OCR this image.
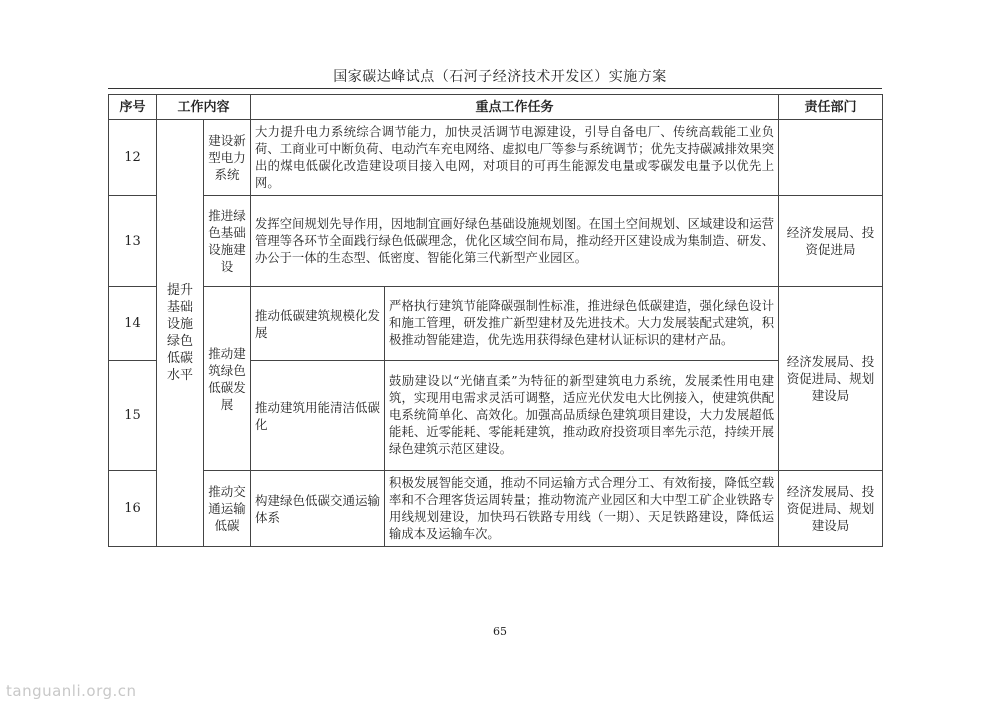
国家碳达峰试点（石河子经济技术开发区）实施方案
序号	工作内容		重点工作任务		责任部门
12	提升基础设施绿色低碳水平	建设新型电力系统	大力提升电力系统综合调节能力，加快灵活调节电源建设，引导自备电厂、传统高载能工业负荷、工商业可中断负荷、电动汽车充电网络、虚拟电厂等参与系统调节；优先支持碳减排效果突出的煤电低碳化改造建设项目接入电网，对项目的可再生能源发电量或零碳发电量予以优先上网。		
13		推进绿色基础设施建设	发挥空间规划先导作用，因地制宜画好绿色基础设施规划图。在国土空间规划、区域建设和运营管理等各环节全面践行绿色低碳理念，优化区域空间布局，推动经开区建设成为集制造、研发、办公于一体的生态型、低密度、智能化第三代新型产业园区。		经济发展局、投资促进局
14		推动建筑绿色低碳发展	推动低碳建筑规模化发展	严格执行建筑节能降碳强制性标准，推进绿色低碳建造，强化绿色设计和施工管理，研发推广新型建材及先进技术。大力发展装配式建筑，积极推动智能建造，优先选用获得绿色建材认证标识的建材产品。	经济发展局、投资促进局、规划建设局
15			推动建筑用能清洁低碳化	鼓励建设以“光储直柔”为特征的新型建筑电力系统，发展柔性用电建筑，实现用电需求灵活可调整，适应光伏发电大比例接入，使建筑供配电系统简单化、高效化。加强高品质绿色建筑项目建设，大力发展超低能耗、近零能耗、零能耗建筑，推动政府投资项目率先示范，持续开展绿色建筑示范区建设。	
16		推动交通运输低碳	构建绿色低碳交通运输体系	积极发展智能交通，推动不同运输方式合理分工、有效衔接，降低空载率和不合理客货运周转量；推动物流产业园区和大中型工矿企业铁路专用线规划建设，加快玛石铁路专用线（一期）、天足铁路建设，降低运输成本及运输车次。	经济发展局、投资促进局、规划建设局
65
tanguanli.org.cn
